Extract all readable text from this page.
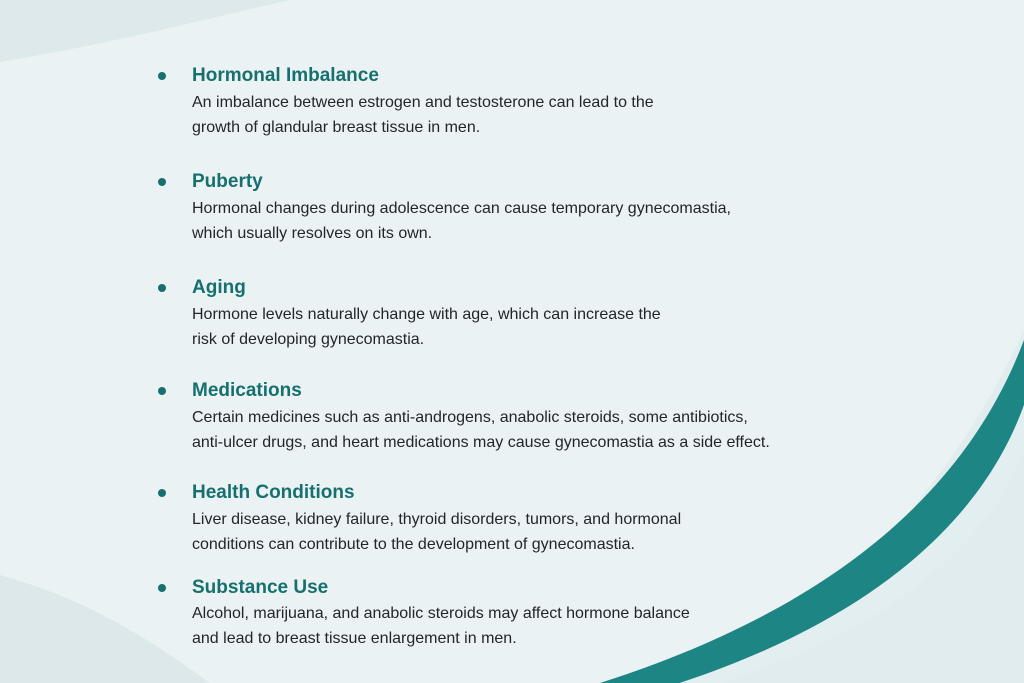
Hormonal Imbalance
An imbalance between estrogen and testosterone can lead to the
growth of glandular breast tissue in men.
Puberty
Hormonal changes during adolescence can cause temporary gynecomastia,
which usually resolves on its own.
Aging
Hormone levels naturally change with age, which can increase the
risk of developing gynecomastia.
Medications
Certain medicines such as anti-androgens, anabolic steroids, some antibiotics,
anti-ulcer drugs, and heart medications may cause gynecomastia as a side effect.
Health Conditions
Liver disease, kidney failure, thyroid disorders, tumors, and hormonal
conditions can contribute to the development of gynecomastia.
Substance Use
Alcohol, marijuana, and anabolic steroids may affect hormone balance
and lead to breast tissue enlargement in men.
